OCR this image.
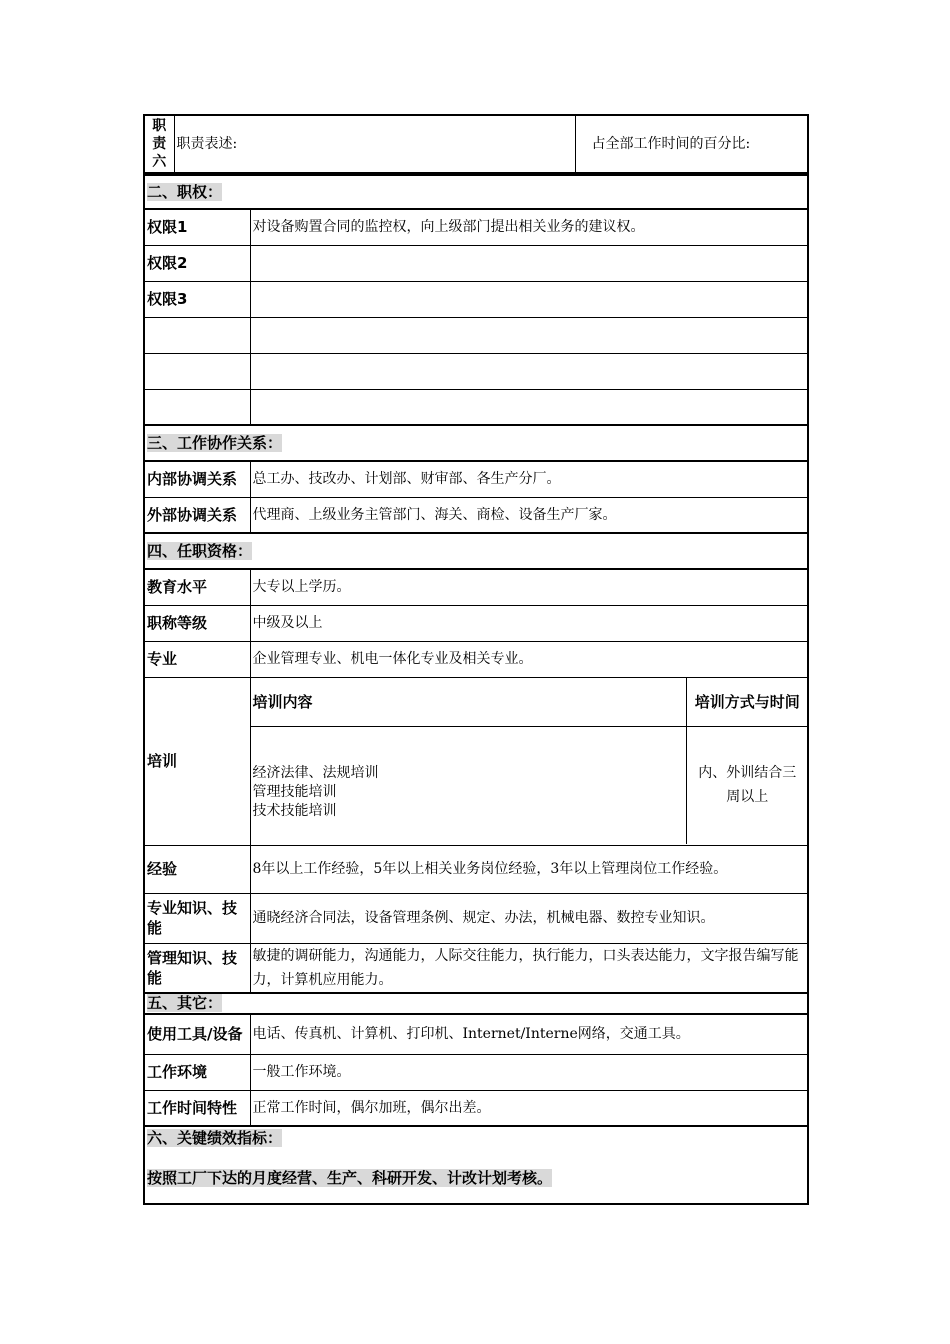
职责六	职责表述:	占全部工作时间的百分比:
二、职权：
权限1	对设备购置合同的监控权，向上级部门提出相关业务的建议权。
权限2	
权限3	

三、工作协作关系：
内部协调关系	总工办、技改办、计划部、财审部、各生产分厂。
外部协调关系	代理商、上级业务主管部门、海关、商检、设备生产厂家。
四、任职资格：
教育水平	大专以上学历。
职称等级	中级及以上
专业	企业管理专业、机电一体化专业及相关专业。
培训	
培训内容	培训方式与时间

经济法律、法规培训
管理技能培训
技术技能培训
	内、外训结合三周以上

经验	8年以上工作经验，5年以上相关业务岗位经验，3年以上管理岗位工作经验。
专业知识、技能	通晓经济合同法，设备管理条例、规定、办法，机械电器、数控专业知识。
管理知识、技能	敏捷的调研能力，沟通能力，人际交往能力，执行能力，口头表达能力，文字报告编写能力，计算机应用能力。
五、其它：
使用工具/设备	电话、传真机、计算机、打印机、Internet/Interne网络，交通工具。
工作环境	一般工作环境。
工作时间特性	正常工作时间，偶尔加班，偶尔出差。

六、关键绩效指标：
按照工厂下达的月度经营、生产、科研开发、计改计划考核。
